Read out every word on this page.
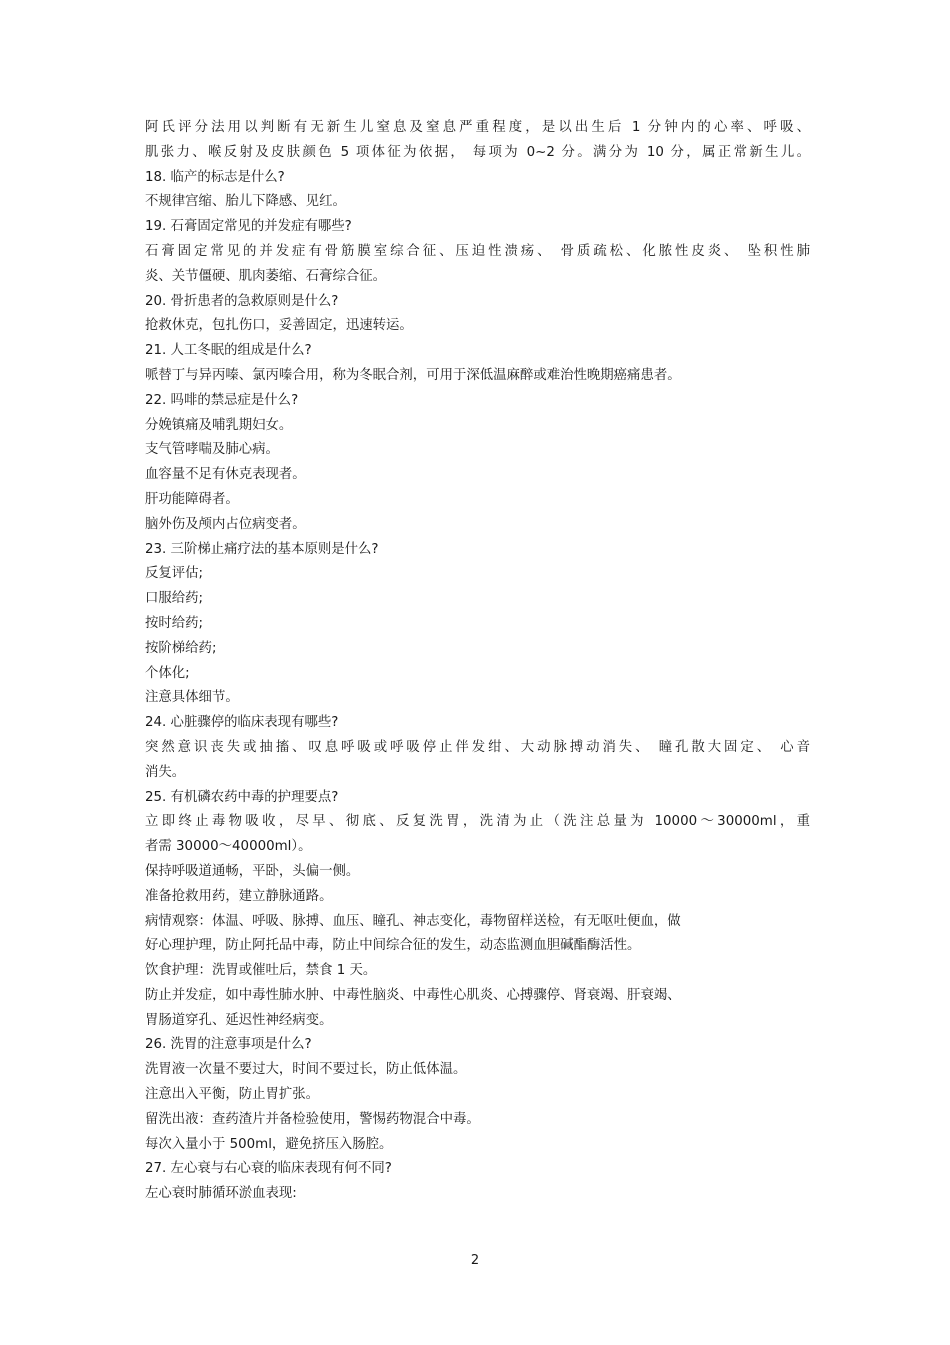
阿氏评分法用以判断有无新生儿窒息及窒息严重程度，是以出生后 1 分钟内的心率、呼吸、
肌张力、喉反射及皮肤颜色 5 项体征为依据， 每项为 0~2 分。满分为 10 分，属正常新生儿。
18. 临产的标志是什么?
不规律宫缩、胎儿下降感、见红。
19. 石膏固定常见的并发症有哪些?
石膏固定常见的并发症有骨筋膜室综合征、压迫性溃疡、 骨质疏松、化脓性皮炎、 坠积性肺
炎、关节僵硬、肌肉萎缩、石膏综合征。
20. 骨折患者的急救原则是什么?
抢救休克，包扎伤口，妥善固定，迅速转运。
21. 人工冬眠的组成是什么?
哌替丁与异丙嗪、氯丙嗪合用，称为冬眠合剂，可用于深低温麻醉或难治性晚期癌痛患者。
22. 吗啡的禁忌症是什么?
分娩镇痛及哺乳期妇女。
支气管哮喘及肺心病。
血容量不足有休克表现者。
肝功能障碍者。
脑外伤及颅内占位病变者。
23. 三阶梯止痛疗法的基本原则是什么?
反复评估;
口服给药;
按时给药;
按阶梯给药;
个体化;
注意具体细节。
24. 心脏骤停的临床表现有哪些?
突然意识丧失或抽搐、叹息呼吸或呼吸停止伴发绀、大动脉搏动消失、 瞳孔散大固定、 心音
消失。
25. 有机磷农药中毒的护理要点?
立即终止毒物吸收，尽早、彻底、反复洗胃，洗清为止（洗注总量为 10000～30000ml，重
者需 30000～40000ml）。
保持呼吸道通畅，平卧，头偏一侧。
准备抢救用药，建立静脉通路。
病情观察：体温、呼吸、脉搏、血压、瞳孔、神志变化，毒物留样送检，有无呕吐便血，做
好心理护理，防止阿托品中毒，防止中间综合征的发生，动态监测血胆碱酯酶活性。
饮食护理：洗胃或催吐后，禁食 1 天。
防止并发症，如中毒性肺水肿、中毒性脑炎、中毒性心肌炎、心搏骤停、肾衰竭、肝衰竭、
胃肠道穿孔、延迟性神经病变。
26. 洗胃的注意事项是什么?
洗胃液一次量不要过大，时间不要过长，防止低体温。
注意出入平衡，防止胃扩张。
留洗出液：查药渣片并备检验使用，警惕药物混合中毒。
每次入量小于 500ml，避免挤压入肠腔。
27. 左心衰与右心衰的临床表现有何不同?
左心衰时肺循环淤血表现:
2
